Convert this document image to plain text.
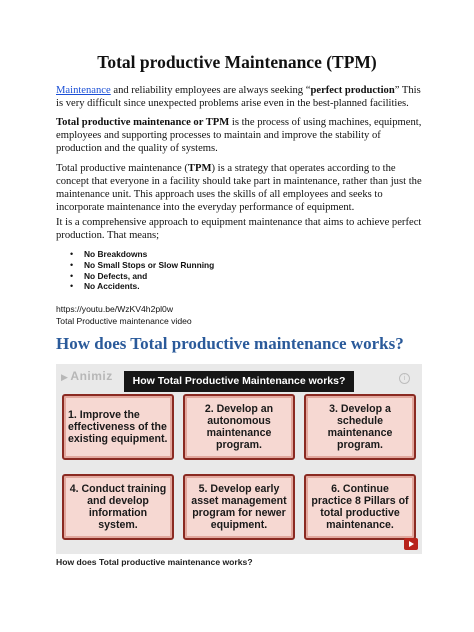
Total productive Maintenance (TPM)

Maintenance and reliability employees are always seeking “perfect production” This is very difficult since unexpected problems arise even in the best-planned facilities.

Total productive maintenance or TPM is the process of using machines, equipment, employees and supporting processes to maintain and improve the stability of production and the quality of systems.

Total productive maintenance (TPM) is a strategy that operates according to the concept that everyone in a facility should take part in maintenance, rather than just the maintenance unit. This approach uses the skills of all employees and seeks to incorporate maintenance into the everyday performance of equipment.

It is a comprehensive approach to equipment maintenance that aims to achieve perfect production. That means;

• No Breakdowns
• No Small Stops or Slow Running
• No Defects, and
• No Accidents.

https://youtu.be/WzKV4h2pl0w

Total Productive maintenance video

How does Total productive maintenance works?
▶ Animiz	i
How Total Productive Maintenance works?
1. Improve the effectiveness of the existing equipment.
2. Develop an autonomous maintenance program.
3. Develop a schedule maintenance program.
4. Conduct training and develop information system.
5. Develop early asset management program for newer equipment.
6. Continue practice 8 Pillars of total productive maintenance.

How does Total productive maintenance works?
